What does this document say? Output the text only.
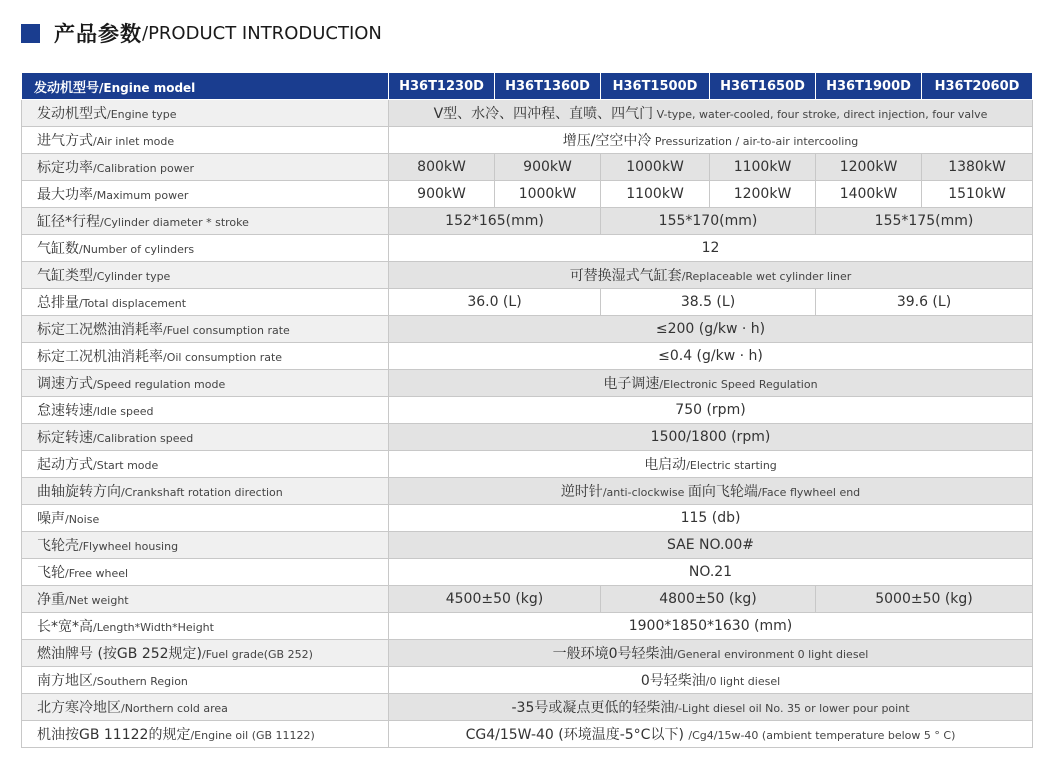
产品参数 /PRODUCT INTRODUCTION
发动机型号/Engine model	H36T1230D	H36T1360D	H36T1500D	H36T1650D	H36T1900D	H36T2060D
发动机型式/Engine type	V型、水冷、四冲程、直喷、四气门 V-type, water-cooled, four stroke, direct injection, four valve					
进气方式/Air inlet mode	增压/空空中冷 Pressurization / air-to-air intercooling					
标定功率/Calibration power	800kW	900kW	1000kW	1100kW	1200kW	1380kW
最大功率/Maximum power	900kW	1000kW	1100kW	1200kW	1400kW	1510kW
缸径*行程/Cylinder diameter * stroke	152*165(mm)		155*170(mm)		155*175(mm)	
气缸数/Number of cylinders	12					
气缸类型/Cylinder type	可替换湿式气缸套/Replaceable wet cylinder liner					
总排量/Total displacement	36.0 (L)		38.5 (L)		39.6 (L)	
标定工况燃油消耗率/Fuel consumption rate	≤200 (g/kw · h)					
标定工况机油消耗率/Oil consumption rate	≤0.4 (g/kw · h)					
调速方式/Speed regulation mode	电子调速/Electronic Speed Regulation					
怠速转速/Idle speed	750 (rpm)					
标定转速/Calibration speed	1500/1800 (rpm)					
起动方式/Start mode	电启动/Electric starting					
曲轴旋转方向/Crankshaft rotation direction	逆时针/anti-clockwise 面向飞轮端/Face flywheel end					
噪声/Noise	115 (db)					
飞轮壳/Flywheel housing	SAE NO.00#					
飞轮/Free wheel	NO.21					
净重/Net weight	4500±50 (kg)		4800±50 (kg)		5000±50 (kg)	
长*宽*高/Length*Width*Height	1900*1850*1630 (mm)					
燃油牌号 (按GB 252规定)/Fuel grade(GB 252)	一般环境0号轻柴油/General environment 0 light diesel					
南方地区/Southern Region	0号轻柴油/0 light diesel					
北方寒冷地区/Northern cold area	-35号或凝点更低的轻柴油/-Light diesel oil No. 35 or lower pour point					
机油按GB 11122的规定/Engine oil (GB 11122)	CG4/15W-40 (环境温度-5°C以下) /Cg4/15w-40 (ambient temperature below 5 ° C)					
